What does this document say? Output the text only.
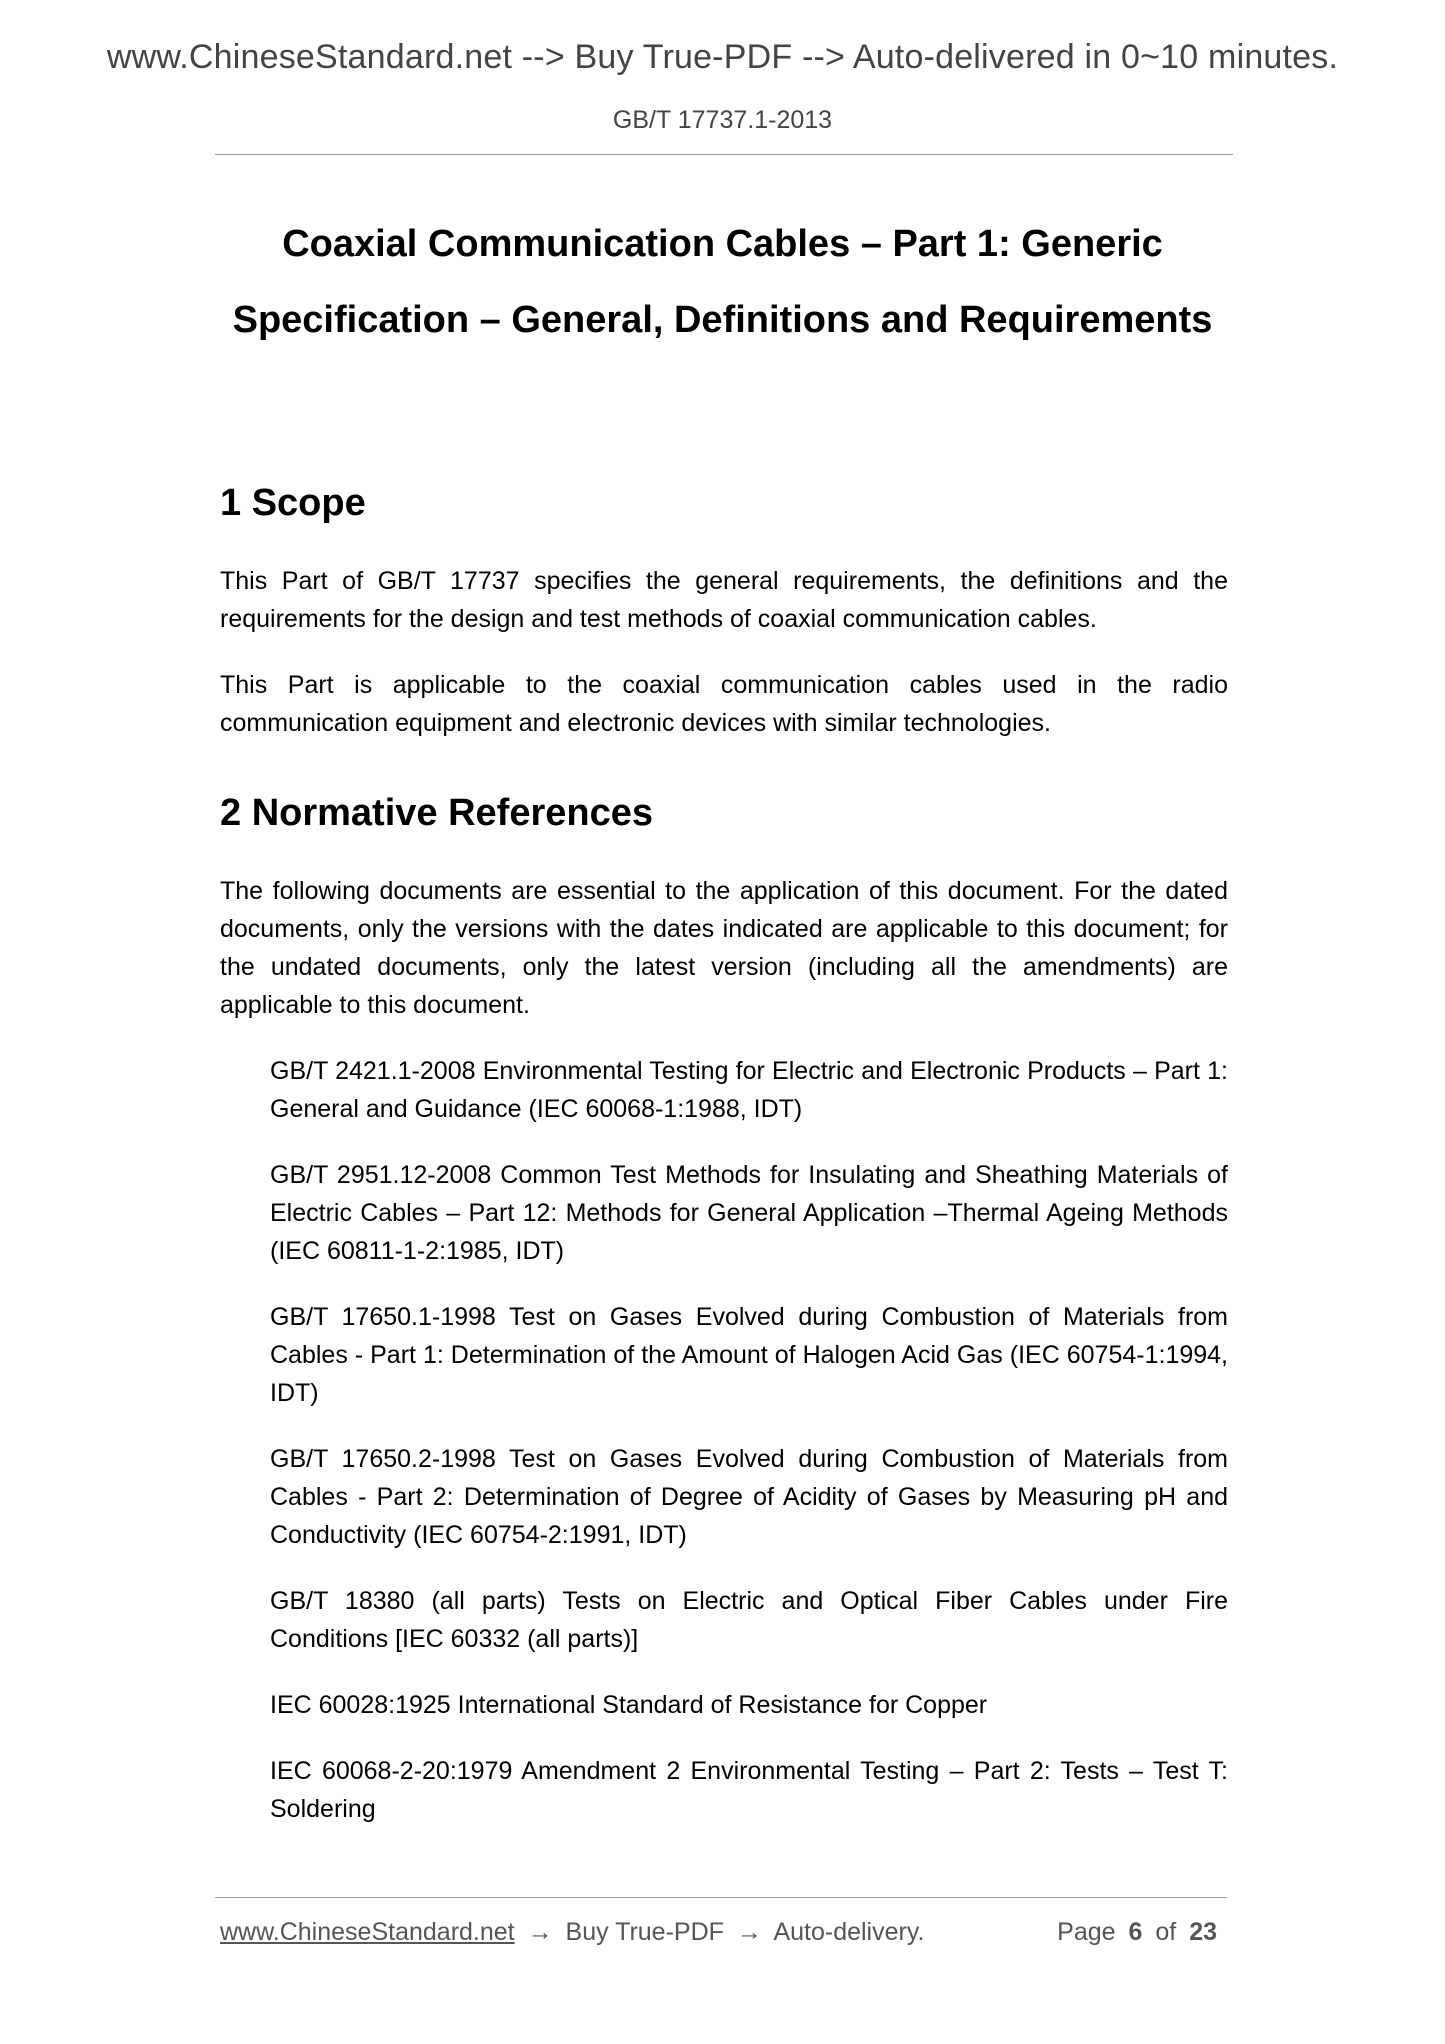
www.ChineseStandard.net --> Buy True-PDF --> Auto-delivered in 0~10 minutes.
GB/T 17737.1-2013
Coaxial Communication Cables – Part 1: Generic
Specification – General, Definitions and Requirements
1 Scope

This Part of GB/T 17737 specifies the general requirements, the definitions and the requirements for the design and test methods of coaxial communication cables.

This Part is applicable to the coaxial communication cables used in the radio communication equipment and electronic devices with similar technologies.

2 Normative References

The following documents are essential to the application of this document. For the dated documents, only the versions with the dates indicated are applicable to this document; for the undated documents, only the latest version (including all the amendments) are applicable to this document.

GB/T 2421.1-2008 Environmental Testing for Electric and Electronic Products – Part 1: General and Guidance (IEC 60068-1:1988, IDT)
GB/T 2951.12-2008 Common Test Methods for Insulating and Sheathing Materials of Electric Cables – Part 12: Methods for General Application –Thermal Ageing Methods (IEC 60811-1-2:1985, IDT)
GB/T 17650.1-1998 Test on Gases Evolved during Combustion of Materials from Cables - Part 1: Determination of the Amount of Halogen Acid Gas (IEC 60754-1:1994, IDT)
GB/T 17650.2-1998 Test on Gases Evolved during Combustion of Materials from Cables - Part 2: Determination of Degree of Acidity of Gases by Measuring pH and Conductivity (IEC 60754-2:1991, IDT)
GB/T 18380 (all parts) Tests on Electric and Optical Fiber Cables under Fire Conditions [IEC 60332 (all parts)]
IEC 60028:1925 International Standard of Resistance for Copper
IEC 60068-2-20:1979 Amendment 2 Environmental Testing – Part 2: Tests – Test T: Soldering
www.ChineseStandard.net → Buy True-PDF → Auto-delivery.	Page 6 of 23
